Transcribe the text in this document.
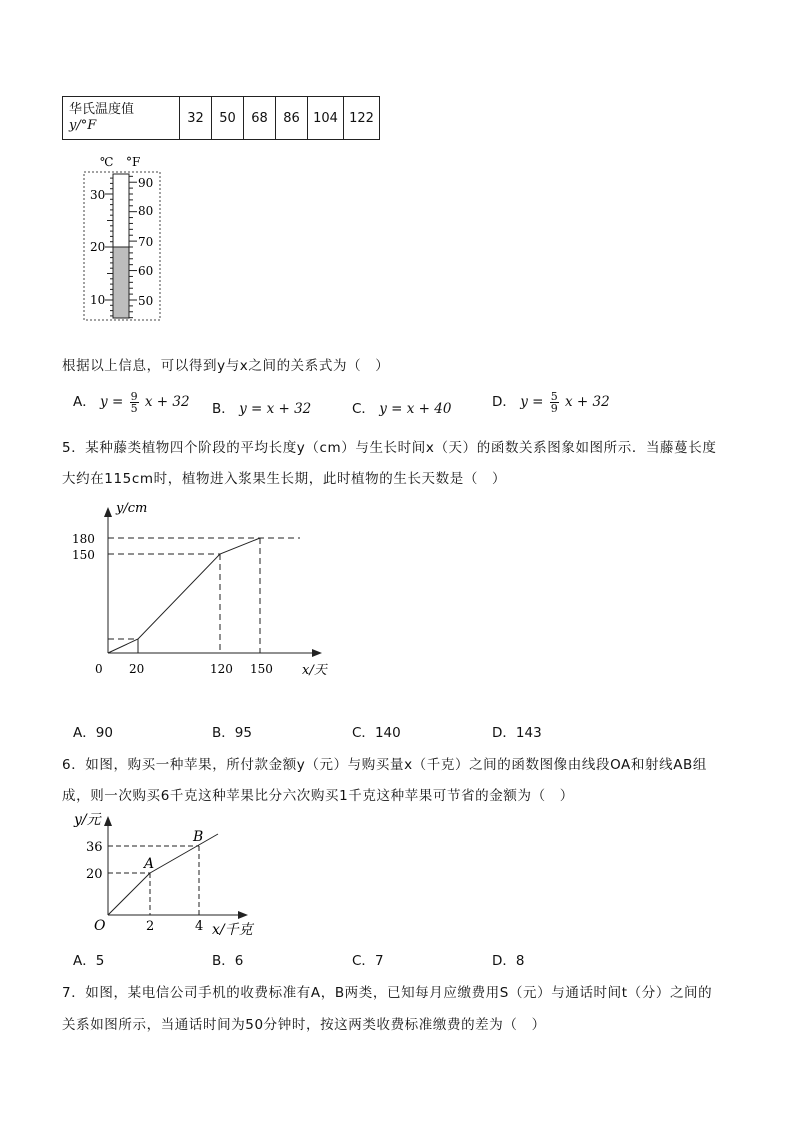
华氏温度值
y/°F	32	50	68	86	104	122
℃ °F
30
20
10
90
80
70
60
50
根据以上信息，可以得到y与x之间的关系式为（　）
A． $y = \frac{9}{5}$ x + 32 B． y = x + 32	C． y = x + 40	D． $y = \frac{5}{9}$ x + 32
5．某种藤类植物四个阶段的平均长度y（cm）与生长时间x（天）的函数关系图象如图所示．当藤蔓长度
大约在115cm时，植物进入浆果生长期，此时植物的生长天数是（　）
y/cm
x/天
0
180
150
20	120 150
A．90	B．95	C．140	D．143
6．如图，购买一种苹果，所付款金额y（元）与购买量x（千克）之间的函数图像由线段OA和射线AB组
成，则一次购买6千克这种苹果比分六次购买1千克这种苹果可节省的金额为（　）
y/元
x/千克
O
A
B
36
20
2	4
A．5	B．6	C．7	D．8
7．如图，某电信公司手机的收费标准有A，B两类，已知每月应缴费用S（元）与通话时间t（分）之间的
关系如图所示，当通话时间为50分钟时，按这两类收费标准缴费的差为（　）
